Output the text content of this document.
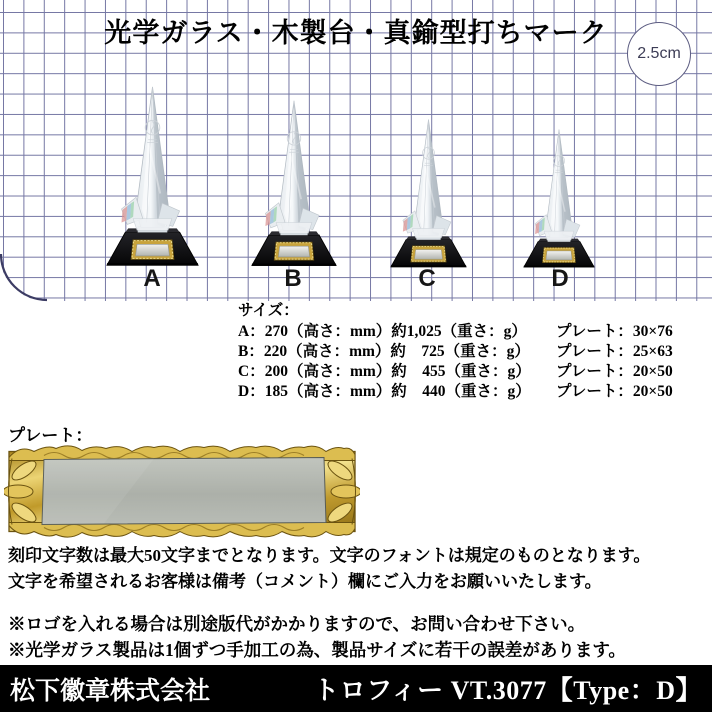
光学ガラス・木製台・真鍮型打ちマーク
2.5cm
A	B	C	D
サイズ：
A：270（高さ：mm）約1,025（重さ：g）	プレート：30×76
B：220（高さ：mm）約　725（重さ：g）	プレート：25×63
C：200（高さ：mm）約　455（重さ：g）	プレート：20×50
D：185（高さ：mm）約　440（重さ：g）	プレート：20×50
プレート：
刻印文字数は最大50文字までとなります。文字のフォントは規定のものとなります。
文字を希望されるお客様は備考（コメント）欄にご入力をお願いいたします。
※ロゴを入れる場合は別途版代がかかりますので、お問い合わせ下さい。
※光学ガラス製品は1個ずつ手加工の為、製品サイズに若干の誤差があります。
松下徽章株式会社	トロフィー VT.3077【Type：D】
